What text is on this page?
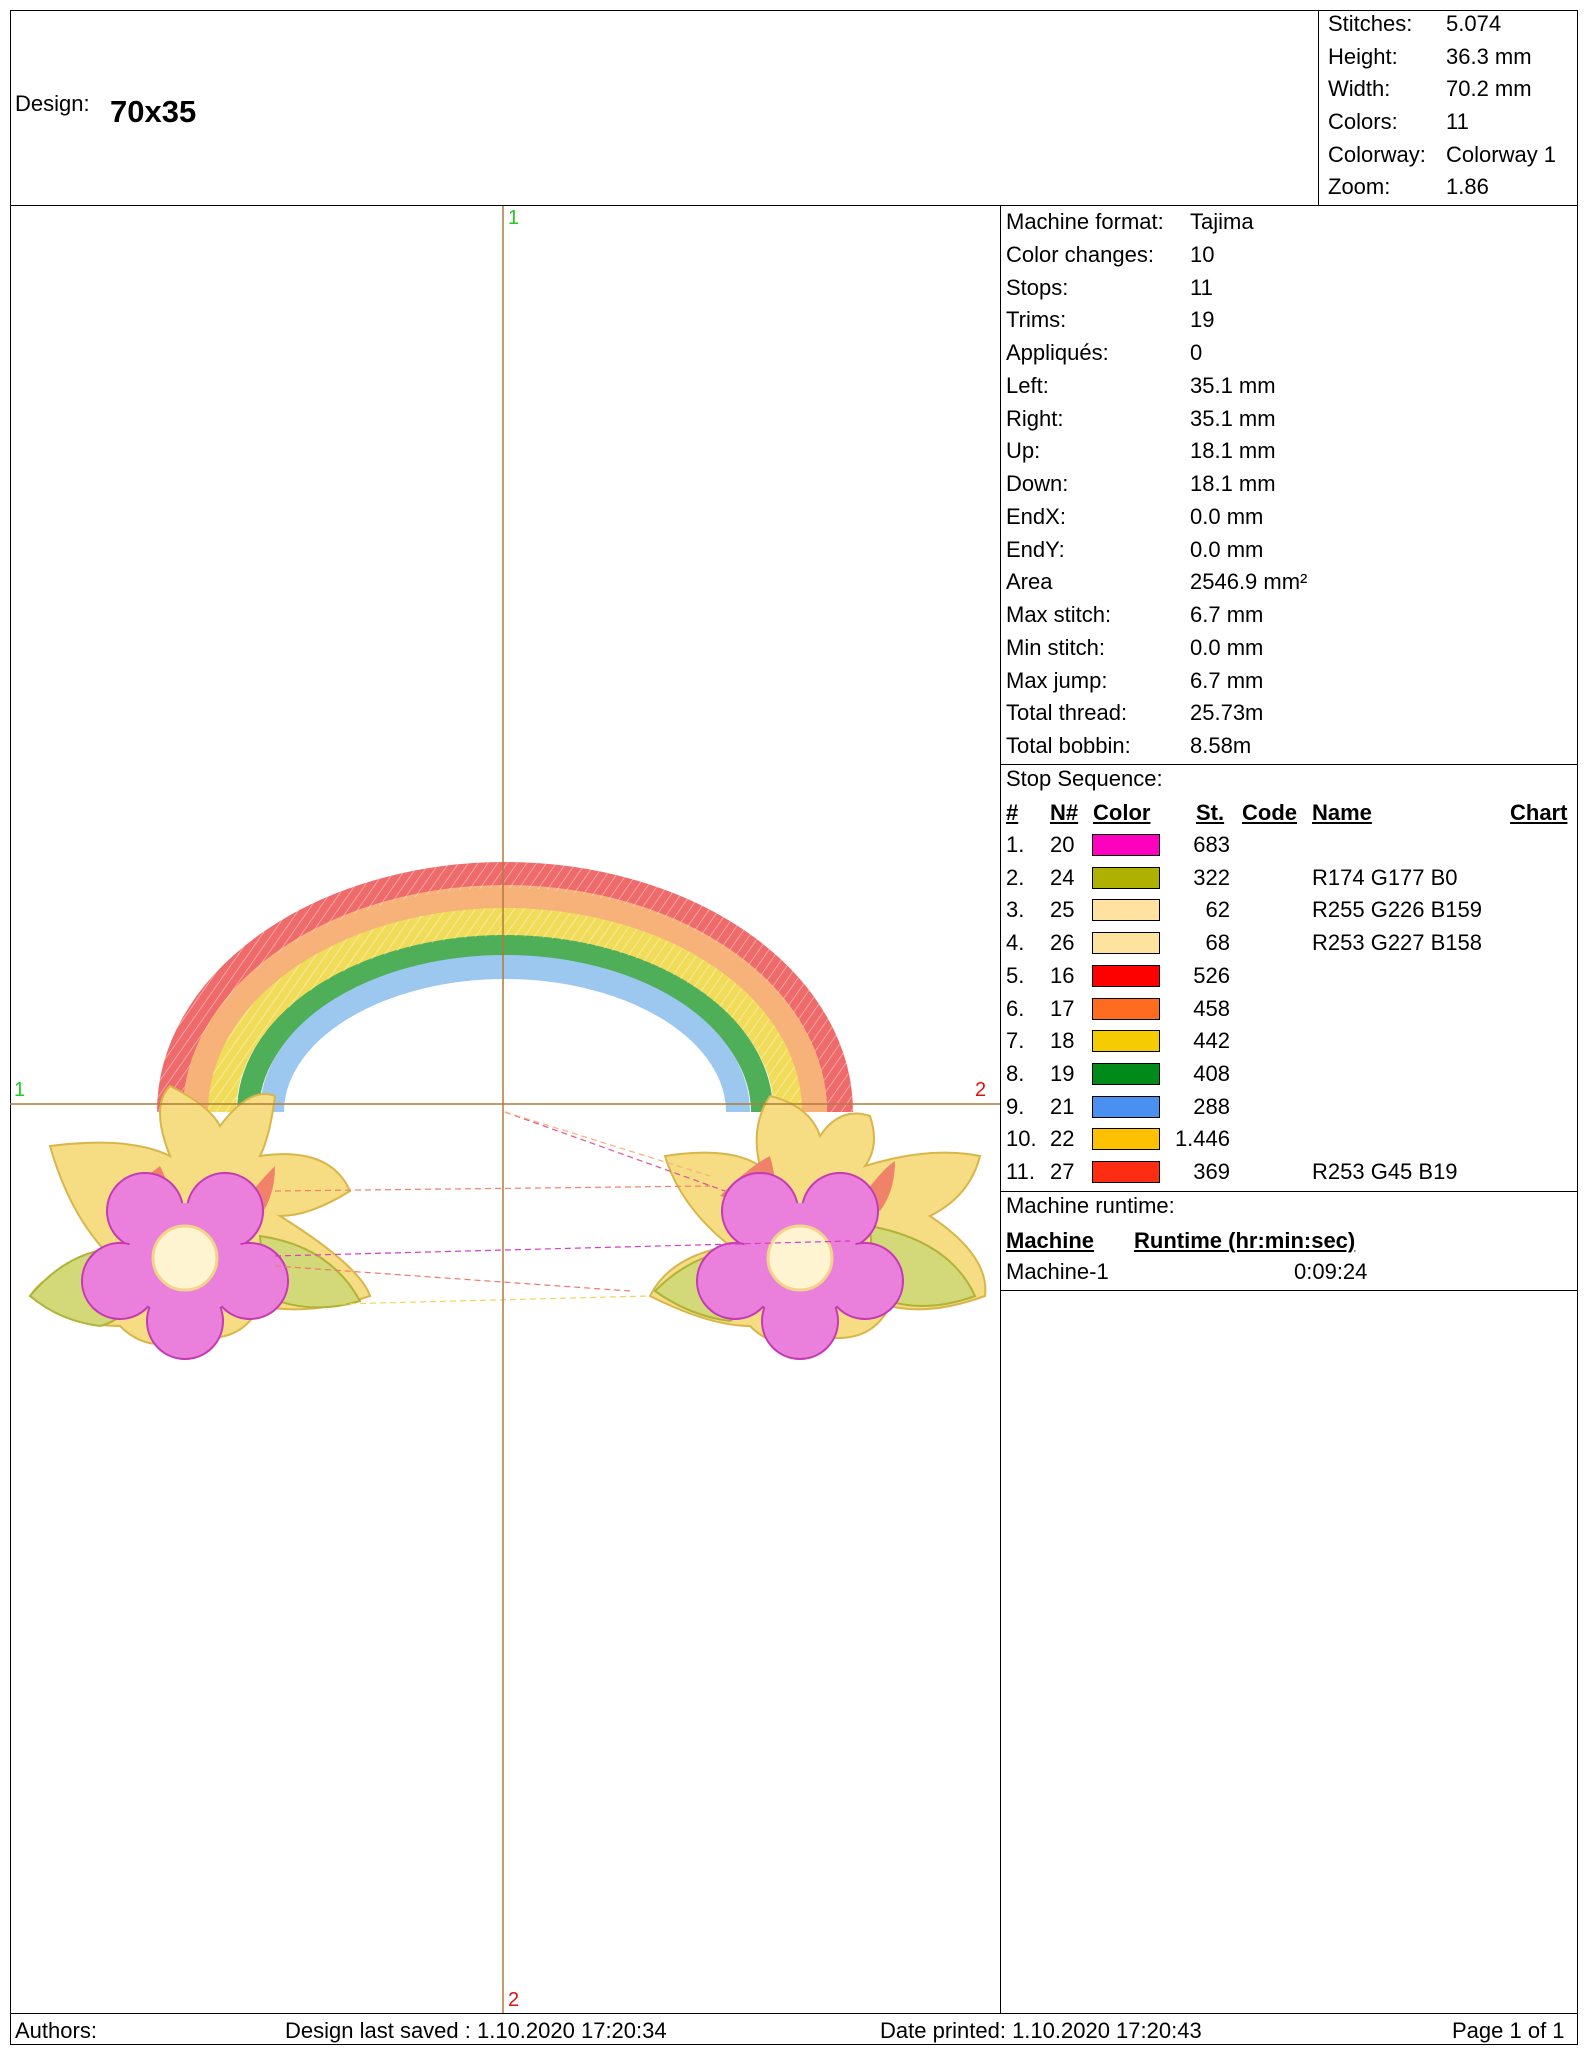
Design: 70x35
Stitches: 5.074
Height: 36.3 mm
Width:	70.2 mm
Colors: 11
Colorway: Colorway 1
Zoom:	1.86
Machine format: Tajima
Color changes: 10
Stops:	11
Trims:	19
Appliqués:	0
Left:	35.1 mm
Right:	35.1 mm
Up:	18.1 mm
Down:	18.1 mm
EndX:	0.0 mm
EndY:	0.0 mm
Area	2546.9 mm²
Max stitch:	6.7 mm
Min stitch:	0.0 mm
Max jump:	6.7 mm
Total thread:	25.73m
Total bobbin:	8.58m
Stop Sequence:
# N# Color St. Code Name	Chart
1. 20	683
2. 24	322	R174 G177 B0
3. 25	62	R255 G226 B159
4. 26	68	R253 G227 B158
5. 16	526
6. 17	458
7. 18	442
8. 19	408
9. 21	288
10. 22	1.446
11. 27	369	R253 G45 B19
Machine runtime:
Machine Runtime (hr:min:sec)
Machine-1	0:09:24
Authors:	Design last saved : 1.10.2020 17:20:34	Date printed: 1.10.2020 17:20:43	Page 1 of 1
1
2
1	2
